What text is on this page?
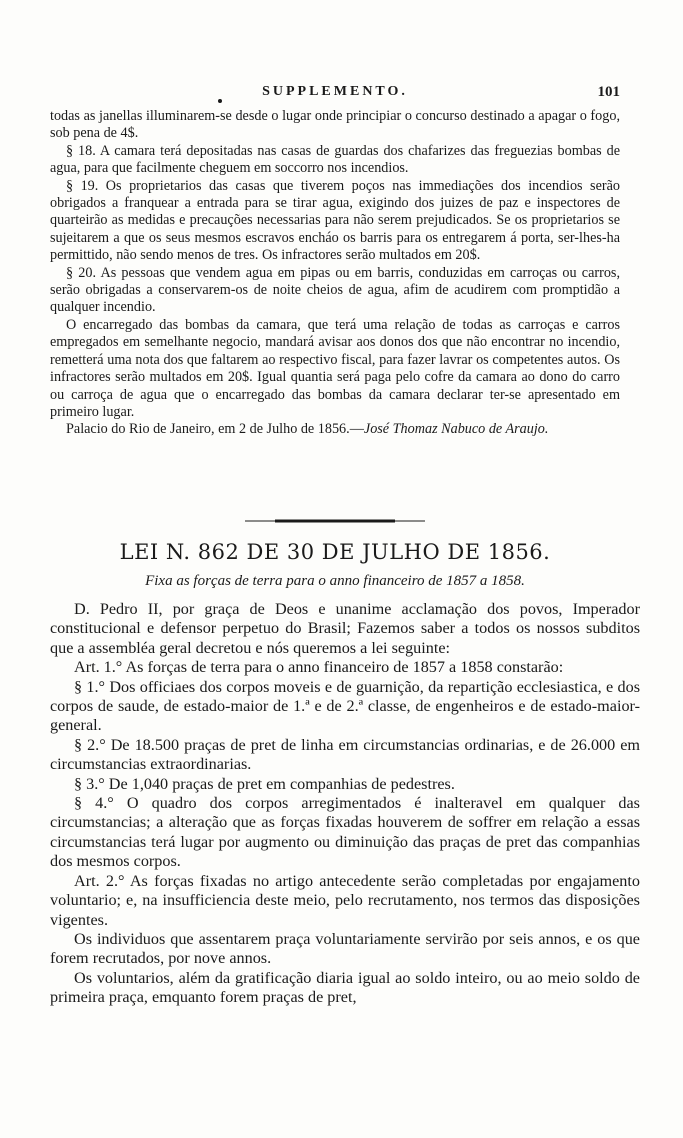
SUPPLEMENTO.	101

todas as janellas illuminarem-se desde o lugar onde principiar o concurso destinado a apagar o fogo, sob pena de 4$.

§ 18. A camara terá depositadas nas casas de guardas dos chafarizes das freguezias bombas de agua, para que facilmente cheguem em soccorro nos incendios.

§ 19. Os proprietarios das casas que tiverem poços nas immediações dos incendios serão obrigados a franquear a entrada para se tirar agua, exigindo dos juizes de paz e inspectores de quarteirão as medidas e precauções necessarias para não serem prejudicados. Se os proprietarios se sujeitarem a que os seus mesmos escravos encháo os barris para os entregarem á porta, ser-lhes-ha permittido, não sendo menos de tres. Os infractores serão multados em 20$.

§ 20. As pessoas que vendem agua em pipas ou em barris, conduzidas em carroças ou carros, serão obrigadas a conservarem-os de noite cheios de agua, afim de acudirem com promptidão a qualquer incendio.

O encarregado das bombas da camara, que terá uma relação de todas as carroças e carros empregados em semelhante negocio, mandará avisar aos donos dos que não encontrar no incendio, remetterá uma nota dos que faltarem ao respectivo fiscal, para fazer lavrar os competentes autos. Os infractores serão multados em 20$. Igual quantia será paga pelo cofre da camara ao dono do carro ou carroça de agua que o encarregado das bombas da camara declarar ter-se apresentado em primeiro lugar.

Palacio do Rio de Janeiro, em 2 de Julho de 1856.—José Thomaz Nabuco de Araujo.

LEI N. 862 DE 30 DE JULHO DE 1856.
Fixa as forças de terra para o anno financeiro de 1857 a 1858.

D. Pedro II, por graça de Deos e unanime acclamação dos povos, Imperador constitucional e defensor perpetuo do Brasil; Fazemos saber a todos os nossos subditos que a assembléa geral decretou e nós queremos a lei seguinte:

Art. 1.° As forças de terra para o anno financeiro de 1857 a 1858 constarão:

§ 1.° Dos officiaes dos corpos moveis e de guarnição, da repartição ecclesiastica, e dos corpos de saude, de estado-maior de 1.ª e de 2.ª classe, de engenheiros e de estado-maior-general.

§ 2.° De 18.500 praças de pret de linha em circumstancias ordinarias, e de 26.000 em circumstancias extraordinarias.

§ 3.° De 1,040 praças de pret em companhias de pedestres.

§ 4.° O quadro dos corpos arregimentados é inalteravel em qualquer das circumstancias; a alteração que as forças fixadas houverem de soffrer em relação a essas circumstancias terá lugar por augmento ou diminuição das praças de pret das companhias dos mesmos corpos.

Art. 2.° As forças fixadas no artigo antecedente serão completadas por engajamento voluntario; e, na insufficiencia deste meio, pelo recrutamento, nos termos das disposições vigentes.

Os individuos que assentarem praça voluntariamente servirão por seis annos, e os que forem recrutados, por nove annos.

Os voluntarios, além da gratificação diaria igual ao soldo inteiro, ou ao meio soldo de primeira praça, emquanto forem praças de pret,
